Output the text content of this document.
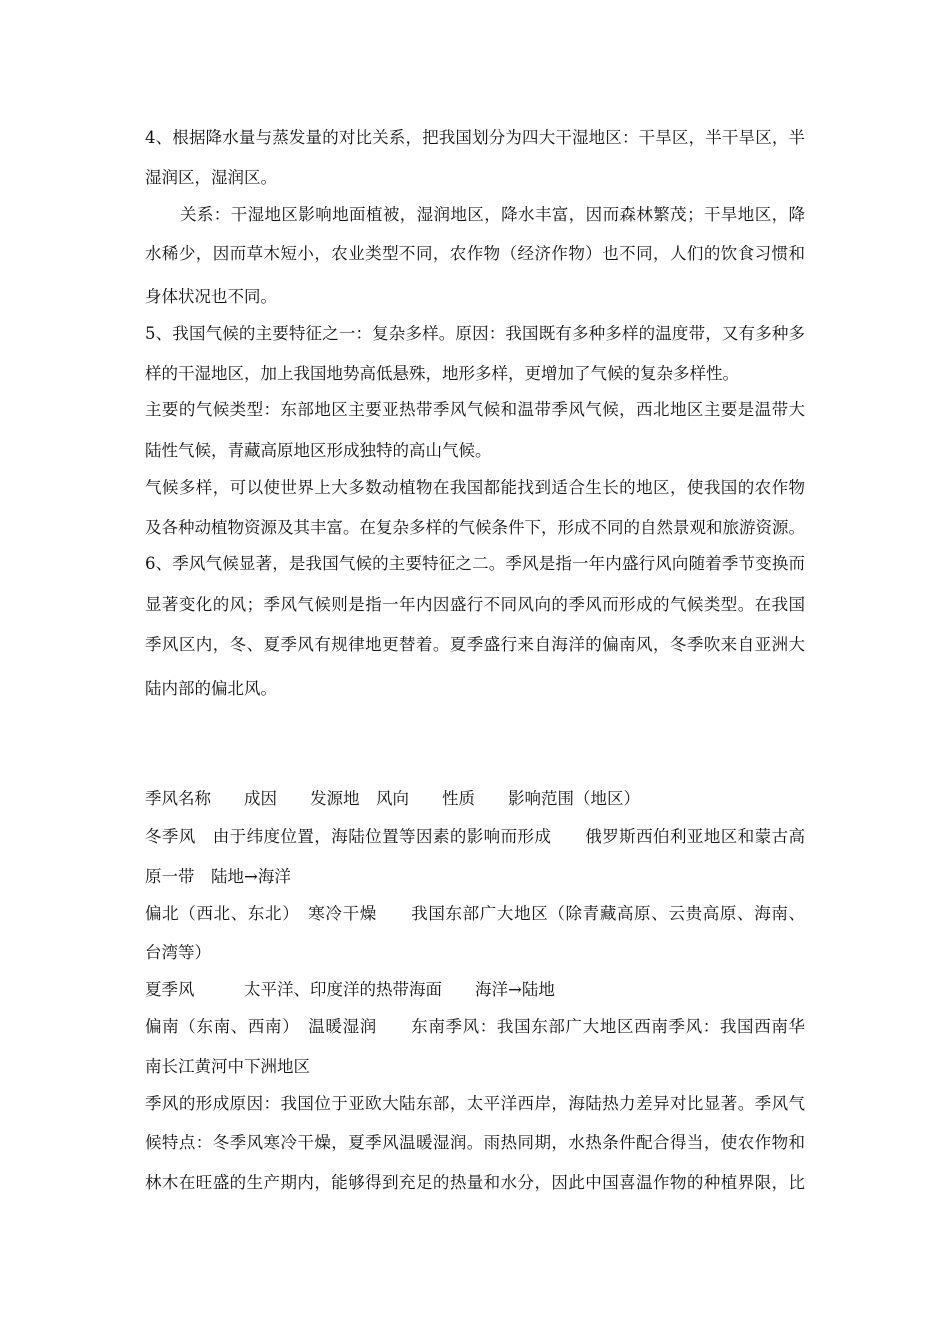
4、根据降水量与蒸发量的对比关系，把我国划分为四大干湿地区：干旱区，半干旱区，半
湿润区，湿润区。
关系：干湿地区影响地面植被，湿润地区，降水丰富，因而森林繁茂；干旱地区，降
水稀少，因而草木短小，农业类型不同，农作物（经济作物）也不同，人们的饮食习惯和
身体状况也不同。
5、我国气候的主要特征之一：复杂多样。原因：我国既有多种多样的温度带，又有多种多
样的干湿地区，加上我国地势高低悬殊，地形多样，更增加了气候的复杂多样性。
主要的气候类型：东部地区主要亚热带季风气候和温带季风气候，西北地区主要是温带大
陆性气候，青藏高原地区形成独特的高山气候。
气候多样，可以使世界上大多数动植物在我国都能找到适合生长的地区，使我国的农作物
及各种动植物资源及其丰富。在复杂多样的气候条件下，形成不同的自然景观和旅游资源。
6、季风气候显著，是我国气候的主要特征之二。季风是指一年内盛行风向随着季节变换而
显著变化的风；季风气候则是指一年内因盛行不同风向的季风而形成的气候类型。在我国
季风区内，冬、夏季风有规律地更替着。夏季盛行来自海洋的偏南风，冬季吹来自亚洲大
陆内部的偏北风。
季风名称　　成因　　发源地　风向　　性质　　影响范围（地区）
冬季风　由于纬度位置，海陆位置等因素的影响而形成　　俄罗斯西伯利亚地区和蒙古高
原一带　陆地→海洋
偏北（西北、东北）　寒冷干燥　　我国东部广大地区（除青藏高原、云贵高原、海南、
台湾等）
夏季风　　　太平洋、印度洋的热带海面　　海洋→陆地
偏南（东南、西南）　温暖湿润　　东南季风：我国东部广大地区西南季风：我国西南华
南长江黄河中下洲地区
季风的形成原因：我国位于亚欧大陆东部，太平洋西岸，海陆热力差异对比显著。季风气
候特点：冬季风寒冷干燥，夏季风温暖湿润。雨热同期，水热条件配合得当，使农作物和
林木在旺盛的生产期内，能够得到充足的热量和水分，因此中国喜温作物的种植界限，比
